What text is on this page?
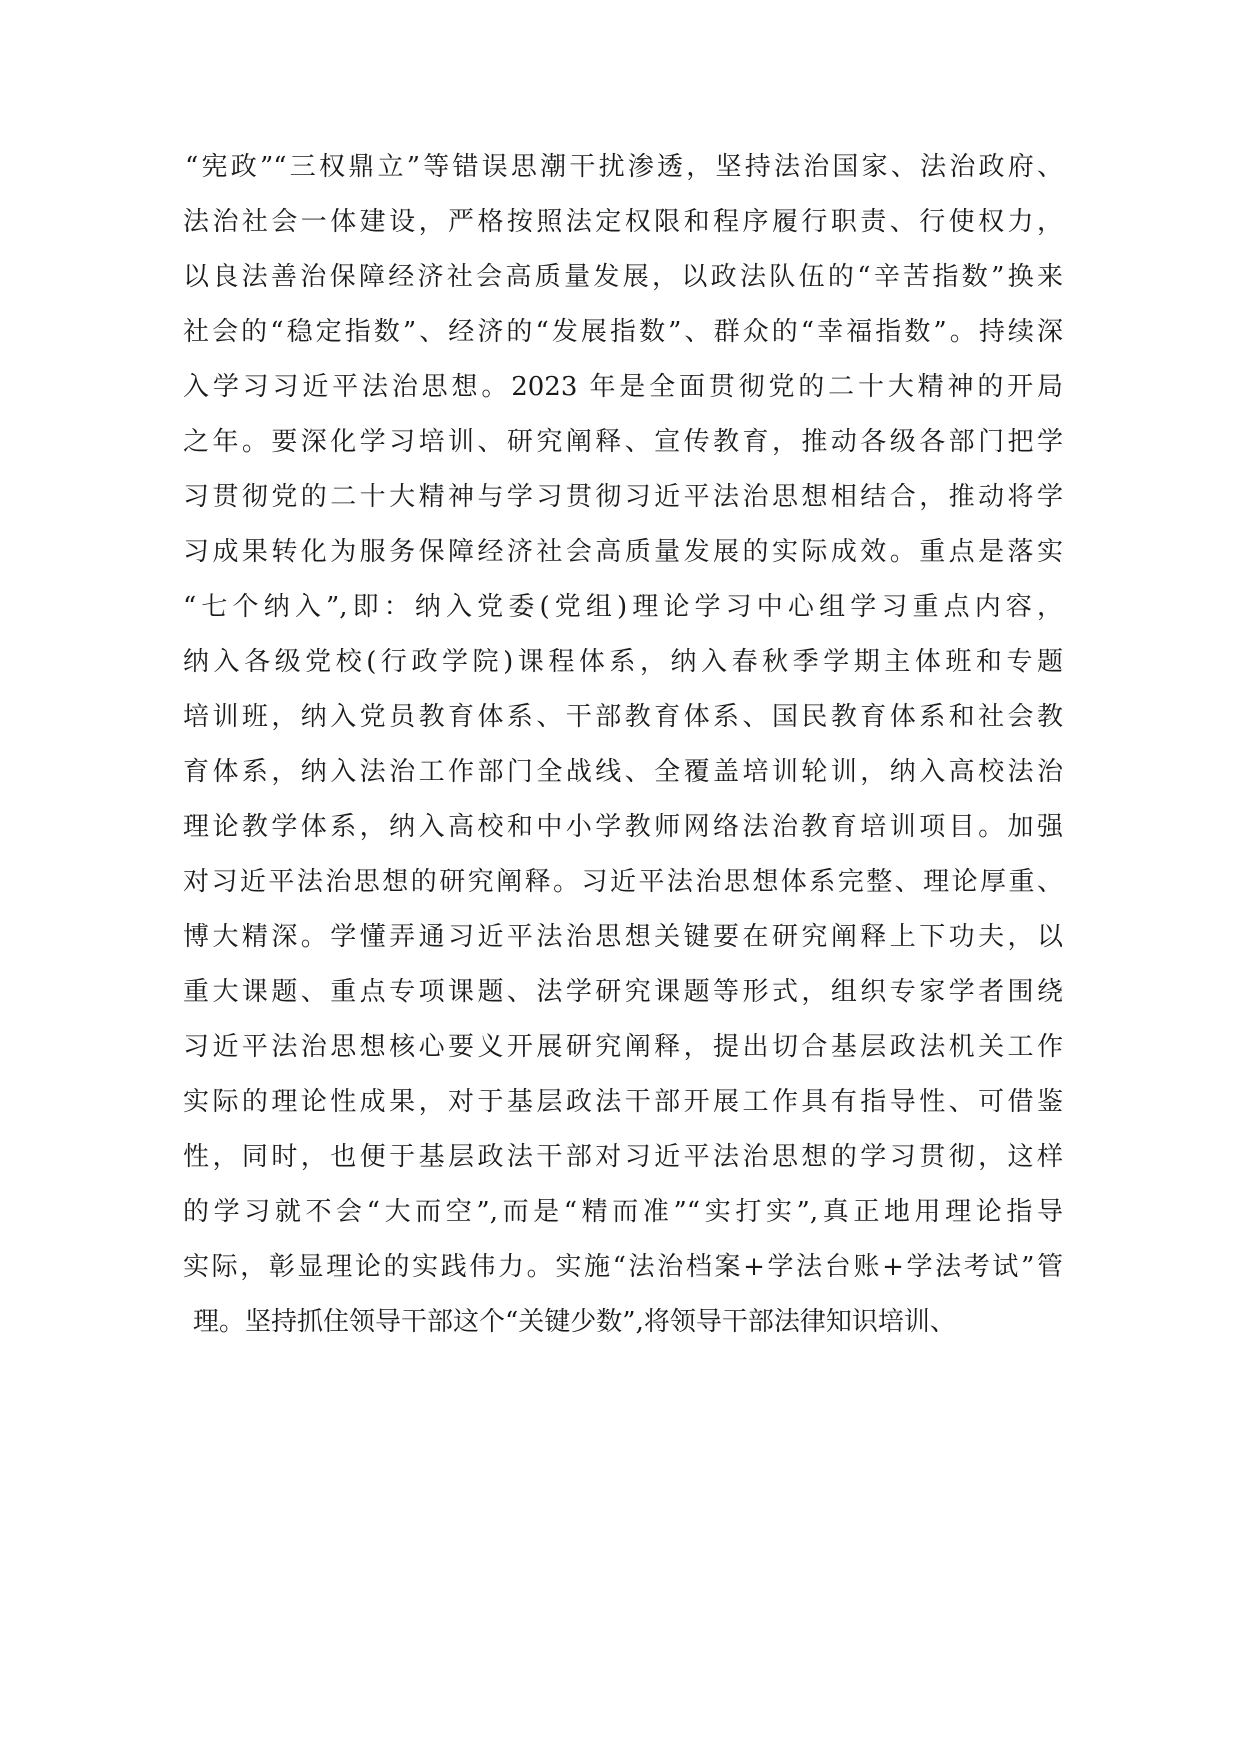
“宪政”“三权鼎立”等错误思潮干扰渗透，坚持法治国家、法治政府、
法治社会一体建设，严格按照法定权限和程序履行职责、行使权力，
以良法善治保障经济社会高质量发展，以政法队伍的“辛苦指数”换来
社会的“稳定指数”、经济的“发展指数”、群众的“幸福指数”。持续深
入学习习近平法治思想。2023 年是全面贯彻党的二十大精神的开局
之年。要深化学习培训、研究阐释、宣传教育，推动各级各部门把学
习贯彻党的二十大精神与学习贯彻习近平法治思想相结合，推动将学
习成果转化为服务保障经济社会高质量发展的实际成效。重点是落实
“七个纳入”,即：纳入党委(党组)理论学习中心组学习重点内容，
纳入各级党校(行政学院)课程体系，纳入春秋季学期主体班和专题
培训班，纳入党员教育体系、干部教育体系、国民教育体系和社会教
育体系，纳入法治工作部门全战线、全覆盖培训轮训，纳入高校法治
理论教学体系，纳入高校和中小学教师网络法治教育培训项目。加强
对习近平法治思想的研究阐释。习近平法治思想体系完整、理论厚重、
博大精深。学懂弄通习近平法治思想关键要在研究阐释上下功夫，以
重大课题、重点专项课题、法学研究课题等形式，组织专家学者围绕
习近平法治思想核心要义开展研究阐释，提出切合基层政法机关工作
实际的理论性成果，对于基层政法干部开展工作具有指导性、可借鉴
性，同时，也便于基层政法干部对习近平法治思想的学习贯彻，这样
的学习就不会“大而空”,而是“精而准”“实打实”,真正地用理论指导
实际，彰显理论的实践伟力。实施“法治档案+学法台账+学法考试”管
理。坚持抓住领导干部这个“关键少数”,将领导干部法律知识培训、
